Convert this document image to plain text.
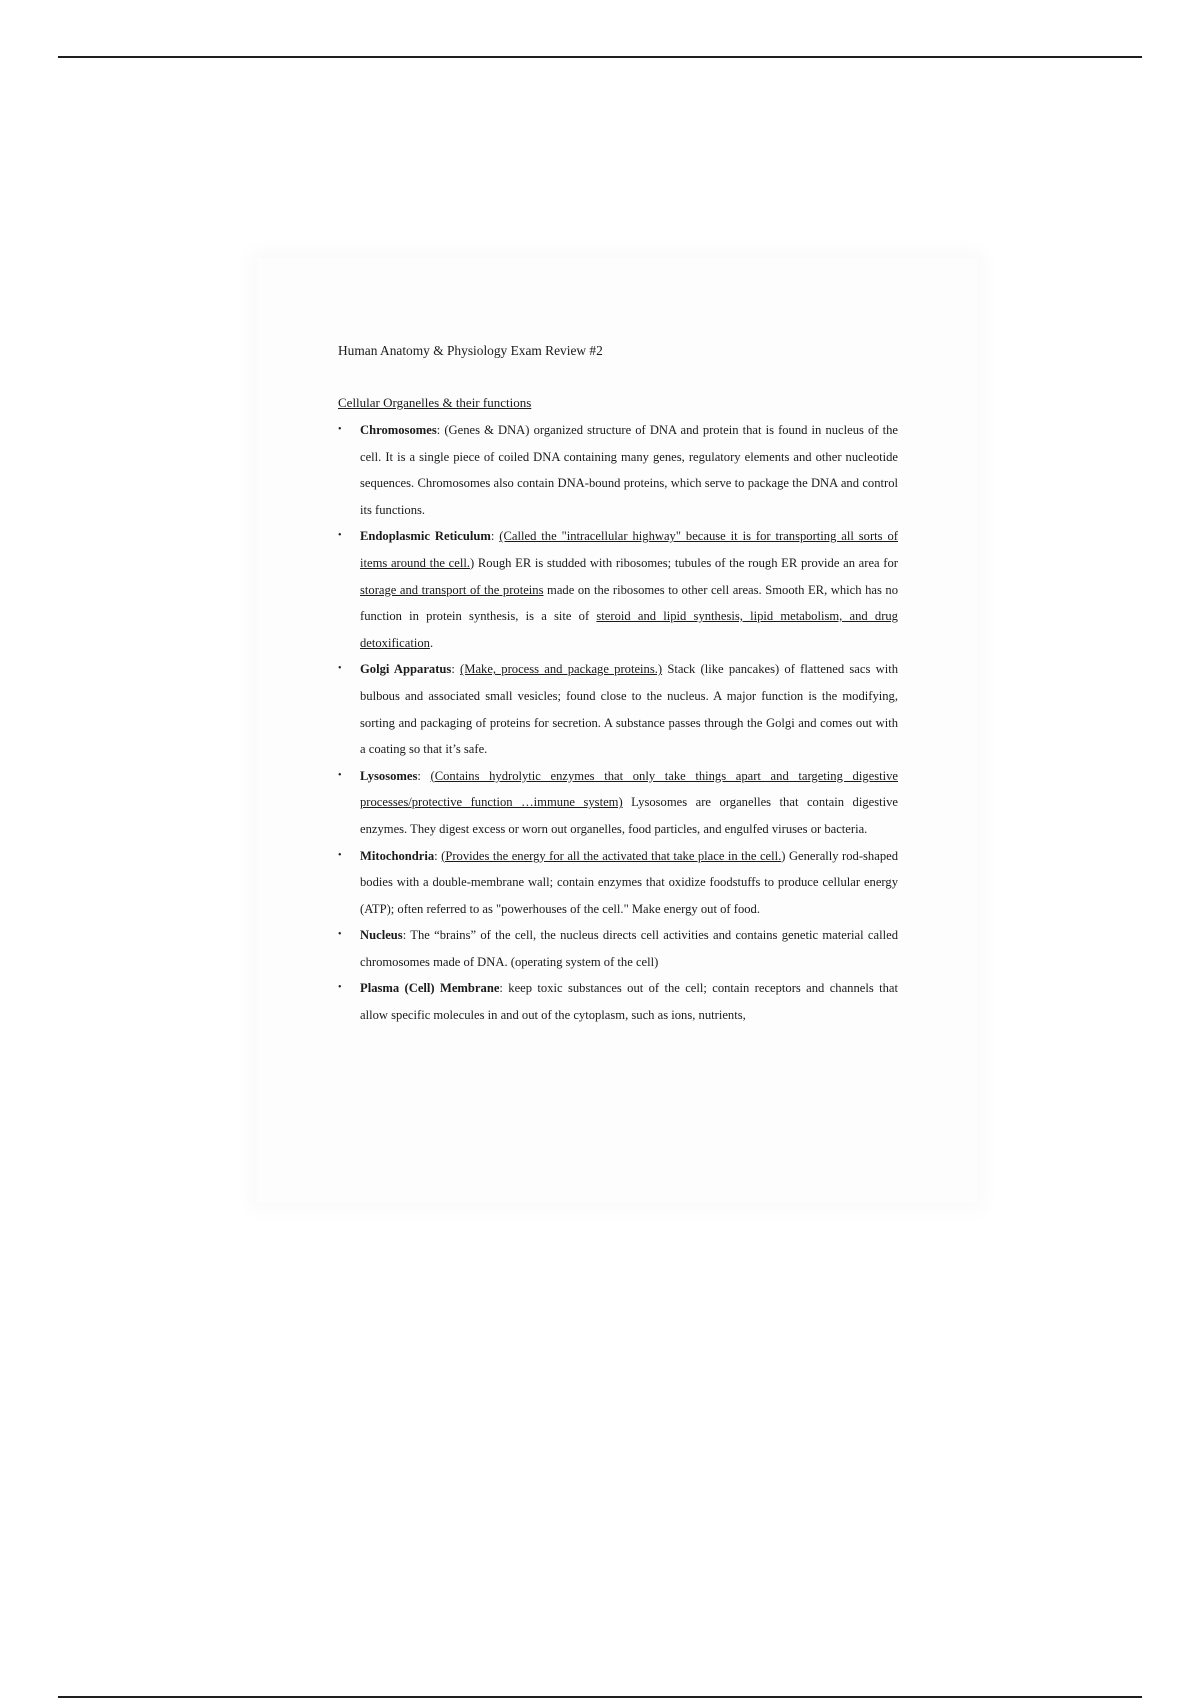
Human Anatomy & Physiology Exam Review #2

Cellular Organelles & their functions

• Chromosomes: (Genes & DNA) organized structure of DNA and protein that is found in nucleus of the cell. It is a single piece of coiled DNA containing many genes, regulatory elements and other nucleotide sequences. Chromosomes also contain DNA-bound proteins, which serve to package the DNA and control its functions.
• Endoplasmic Reticulum: (Called the "intracellular highway" because it is for transporting all sorts of items around the cell.) Rough ER is studded with ribosomes; tubules of the rough ER provide an area for storage and transport of the proteins made on the ribosomes to other cell areas. Smooth ER, which has no function in protein synthesis, is a site of steroid and lipid synthesis, lipid metabolism, and drug detoxification.
• Golgi Apparatus: (Make, process and package proteins.) Stack (like pancakes) of flattened sacs with bulbous and associated small vesicles; found close to the nucleus. A major function is the modifying, sorting and packaging of proteins for secretion. A substance passes through the Golgi and comes out with a coating so that it’s safe.
• Lysosomes: (Contains hydrolytic enzymes that only take things apart and targeting digestive processes/protective function …immune system) Lysosomes are organelles that contain digestive enzymes. They digest excess or worn out organelles, food particles, and engulfed viruses or bacteria.
• Mitochondria: (Provides the energy for all the activated that take place in the cell.) Generally rod-shaped bodies with a double-membrane wall; contain enzymes that oxidize foodstuffs to produce cellular energy (ATP); often referred to as "powerhouses of the cell." Make energy out of food.
• Nucleus: The “brains” of the cell, the nucleus directs cell activities and contains genetic material called chromosomes made of DNA. (operating system of the cell)
• Plasma (Cell) Membrane: keep toxic substances out of the cell; contain receptors and channels that allow specific molecules in and out of the cytoplasm, such as ions, nutrients,
